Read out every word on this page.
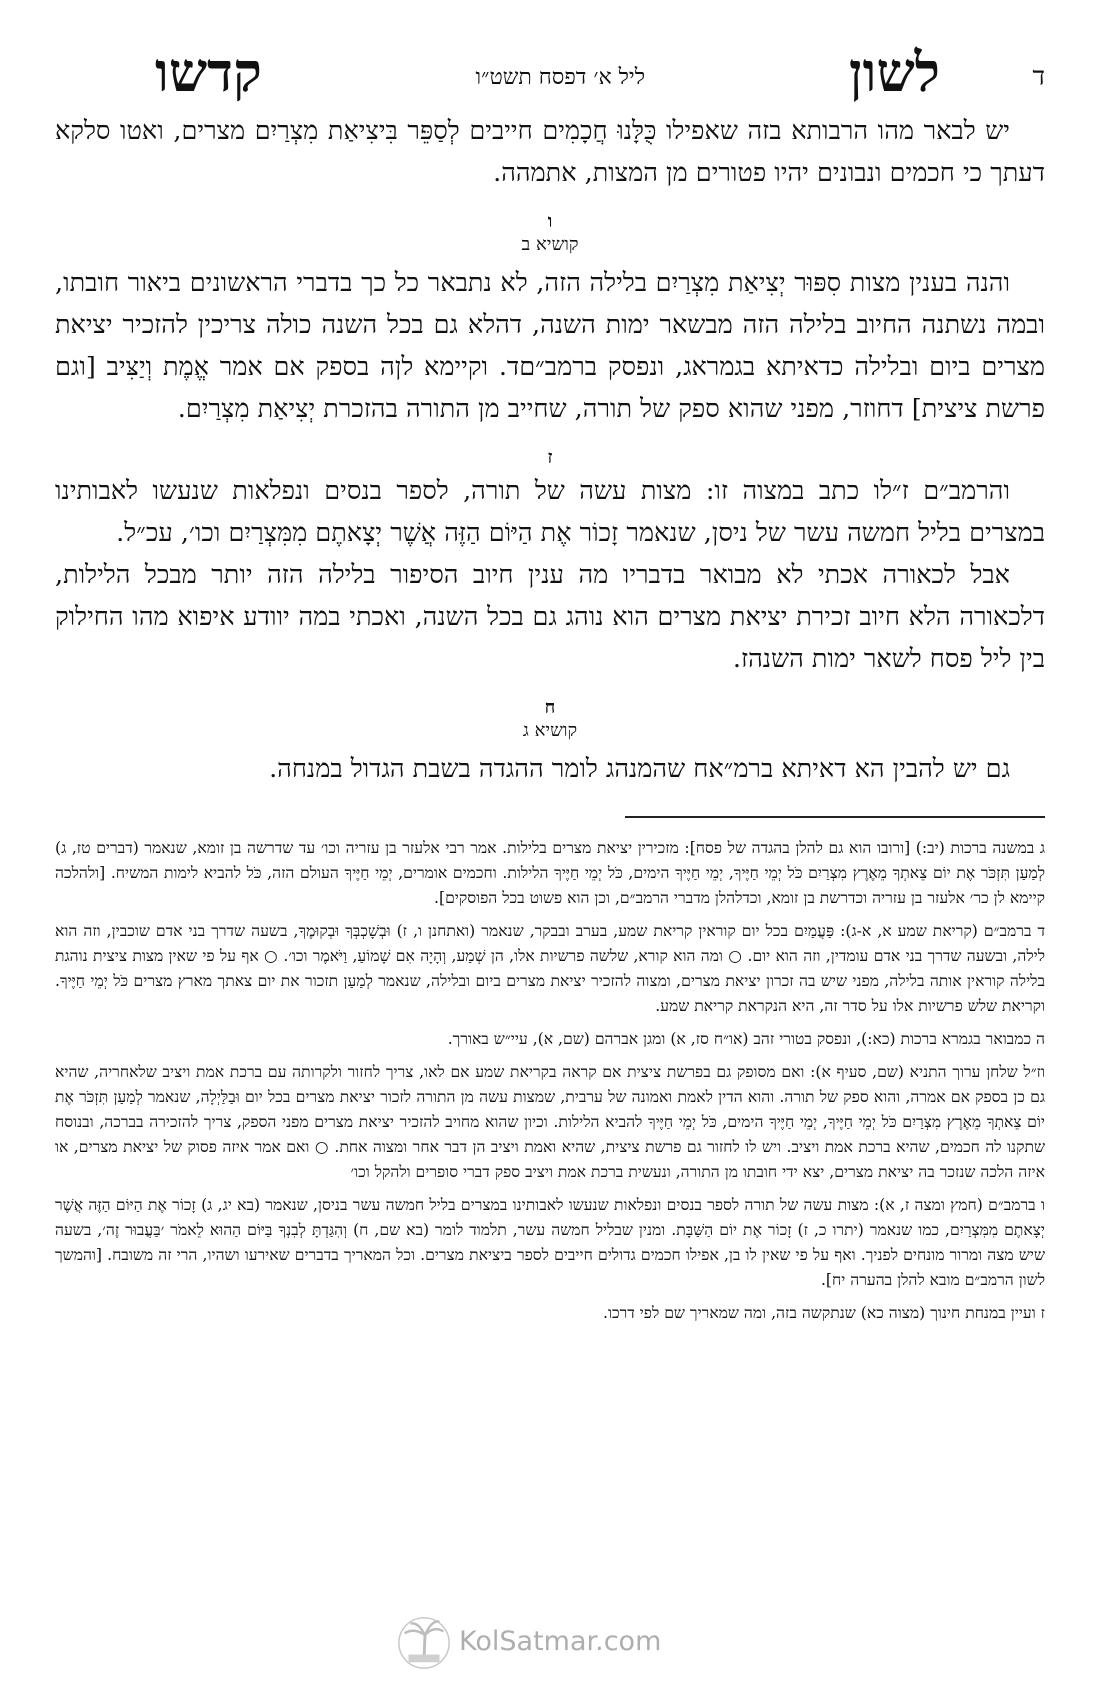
ד
לשון
ליל א׳ דפסח תשט״ו
קדשו

יש לבאר מהו הרבותא בזה שאפילו כֻּלָּנוּ חֲכָמִים חייבים לְסַפֵּר בִּיצִיאַת מִצְרַיִם מצרים, ואטו סלקא דעתך כי חכמים ונבונים יהיו פטורים מן המצות, אתמהה.

ו
קושיא ב

והנה בענין מצות סִפּוּר יְצִיאַת מִצְרַיִם בלילה הזה, לא נתבאר כל כך בדברי הראשונים ביאור חובתו, ובמה נשתנה החיוב בלילה הזה מבשאר ימות השנה, דהלא גם בכל השנה כולה צריכין להזכיר יציאת מצרים ביום ובלילה כדאיתא בגמראג, ונפסק ברמב״םד. וקיימא לןה בספק אם אמר אֱמֶת וְיַצִּיב [וגם פרשת ציצית] דחוזר, מפני שהוא ספק של תורה, שחייב מן התורה בהזכרת יְצִיאַת מִצְרַיִם.

ז

והרמב״ם ז״לו כתב במצוה זו: מצות עשה של תורה, לספר בנסים ונפלאות שנעשו לאבותינו במצרים בליל חמשה עשר של ניסן, שנאמר זָכוֹר אֶת הַיּוֹם הַזֶּה אֲשֶׁר יְצָאתֶם מִמִּצְרַיִם וכו׳, עכ״ל.

אבל לכאורה אכתי לא מבואר בדבריו מה ענין חיוב הסיפור בלילה הזה יותר מבכל הלילות, דלכאורה הלא חיוב זכירת יציאת מצרים הוא נוהג גם בכל השנה, ואכתי במה יוודע איפוא מהו החילוק בין ליל פסח לשאר ימות השנהז.

ח
קושיא ג

גם יש להבין הא דאיתא ברמ״אח שהמנהג לומר ההגדה בשבת הגדול במנחה.

ג במשנה ברכות (יב:) [ורובו הוא גם להלן בהגדה של פסח]: מזכירין יציאת מצרים בלילות. אמר רבי אלעזר בן עזריה וכו׳ עד שדרשה בן זומא, שנאמר (דברים טז, ג) לְמַעַן תִּזְכֹּר אֶת יוֹם צֵאתְךָ מֵאֶרֶץ מִצְרַיִם כֹּל יְמֵי חַיֶּיךָ, יְמֵי חַיֶּיךָ הימים, כֹּל יְמֵי חַיֶּיךָ הלילות. וחכמים אומרים, יְמֵי חַיֶּיךָ העולם הזה, כֹּל להביא לימות המשיח. [ולהלכה קיימא לן כר׳ אלעזר בן עזריה וכדרשת בן זומא, וכדלהלן מדברי הרמב״ם, וכן הוא פשוט בכל הפוסקים].

ד ברמב״ם (קריאת שמע א, א-ג): פַּעֲמַיִם בכל יום קוראין קריאת שמע, בערב ובבקר, שנאמר (ואתחנן ו, ז) וּבְשָׁכְבְּךָ וּבְקוּמֶךָ, בשעה שדרך בני אדם שוכבין, וזה הוא לילה, ובשעה שדרך בני אדם עומדין, וזה הוא יום. ○ ומה הוא קורא, שלשה פרשיות אלו, הן שְׁמַע, וְהָיָה אִם שָׁמוֹעַ, וַיֹּאמֶר וכו׳. ○ אף על פי שאין מצות ציצית נוהגת בלילה קוראין אותה בלילה, מפני שיש בה זכרון יציאת מצרים, ומצוה להזכיר יציאת מצרים ביום ובלילה, שנאמר לְמַעַן תזכור את יום צאתך מארץ מצרים כֹּל יְמֵי חַיֶּיךָ. וקריאת שלש פרשיות אלו על סדר זה, היא הנקראת קריאת שמע.

ה כמבואר בגמרא ברכות (כא:), ונפסק בטורי זהב (או״ח סז, א) ומגן אברהם (שם, א), עיי״ש באורך.

וז״ל שלחן ערוך התניא (שם, סעיף א): ואם מסופק גם בפרשת ציצית אם קראה בקריאת שמע אם לאו, צריך לחזור ולקרותה עם ברכת אמת ויציב שלאחריה, שהיא גם כן בספק אם אמרה, והוא ספק של תורה. והוא הדין לאמת ואמונה של ערבית, שמצות עשה מן התורה לזכור יציאת מצרים בכל יום וּבַלַּיְלָה, שנאמר לְמַעַן תִּזְכֹּר אֶת יוֹם צֵאתְךָ מֵאֶרֶץ מִצְרַיִם כֹּל יְמֵי חַיֶּיךָ, יְמֵי חַיֶּיךָ הימים, כֹּל יְמֵי חַיֶּיךָ להביא הלילות. וכיון שהוא מחויב להזכיר יציאת מצרים מפני הספק, צריך להזכירה בברכה, ובנוסח שתקנו לה חכמים, שהיא ברכת אמת ויציב. ויש לו לחזור גם פרשת ציצית, שהיא ואמת ויציב הן דבר אחר ומצוה אחת. ○ ואם אמר איזה פסוק של יציאת מצרים, או איזה הלכה שנזכר בה יציאת מצרים, יצא ידי חובתו מן התורה, ונעשית ברכת אמת ויציב ספק דברי סופרים ולהקל וכו׳

ו ברמב״ם (חמץ ומצה ז, א): מצות עשה של תורה לספר בנסים ונפלאות שנעשו לאבותינו במצרים בליל חמשה עשר בניסן, שנאמר (בא יג, ג) זָכוֹר אֶת הַיּוֹם הַזֶּה אֲשֶׁר יְצָאתֶם מִמִּצְרַיִם, כמו שנאמר (יתרו כ, ז) זָכוֹר אֶת יוֹם הַשַּׁבָּת. ומנין שבליל חמשה עשר, תלמוד לומר (בא שם, ח) וְהִגַּדְתָּ לְבִנְךָ בַּיּוֹם הַהוּא לֵאמֹר ׳בַּעֲבוּר זֶה׳, בשעה שיש מצה ומרור מונחים לפניך. ואף על פי שאין לו בן, אפילו חכמים גדולים חייבים לספר ביציאת מצרים. וכל המאריך בדברים שאירעו ושהיו, הרי זה משובח. [והמשך לשון הרמב״ם מובא להלן בהערה יח].

ז ועיין במנחת חינוך (מצוה כא) שנתקשה בזה, ומה שמאריך שם לפי דרכו.

KolSatmar.com
